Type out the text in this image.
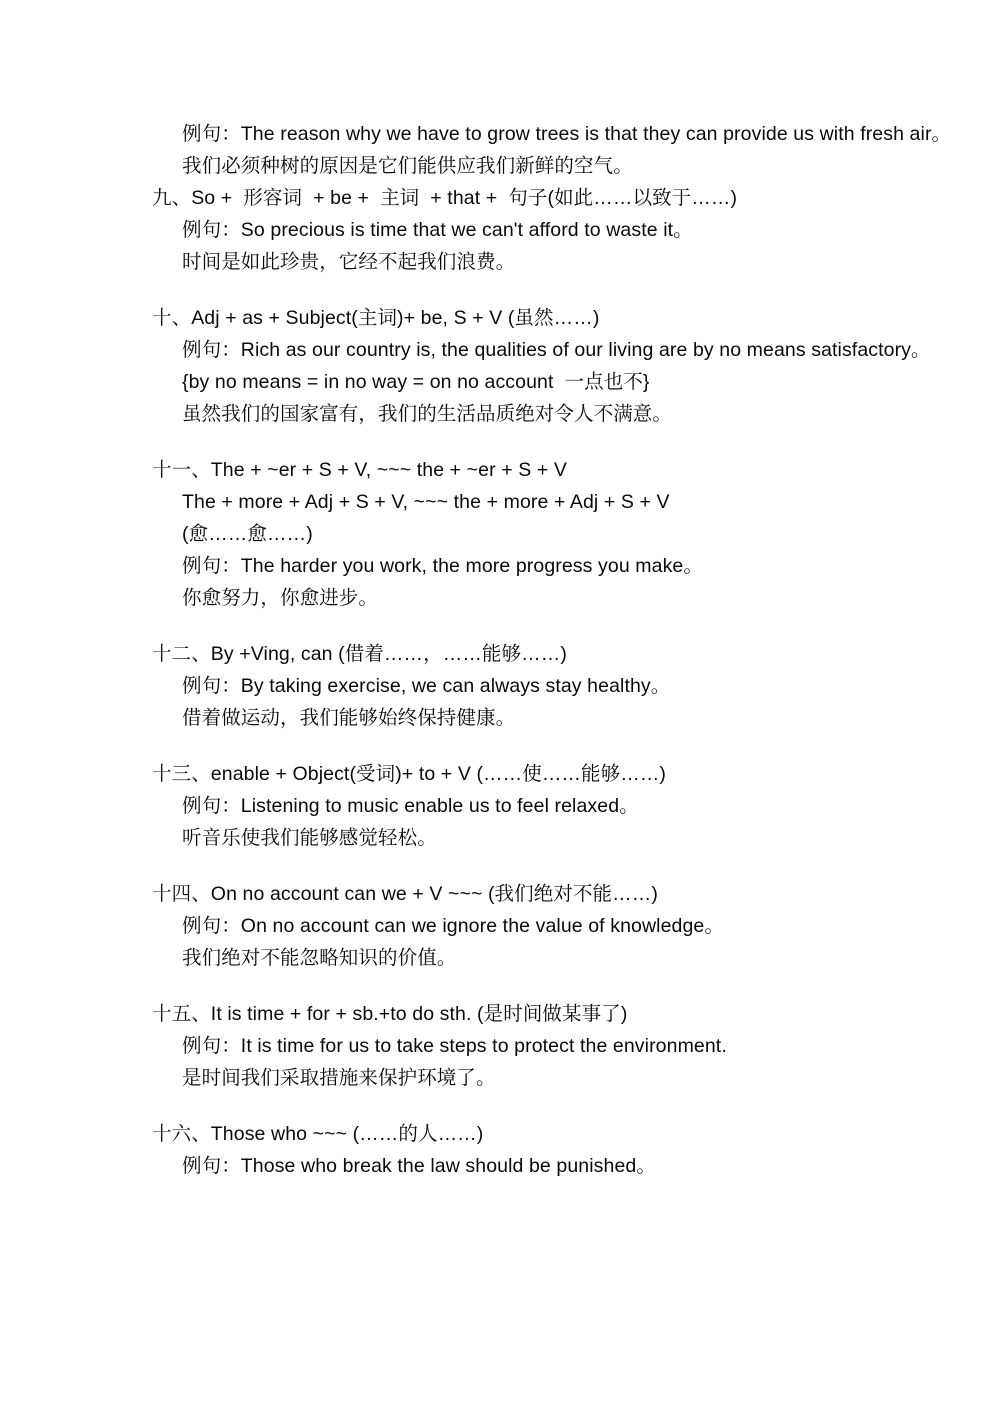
例句：The reason why we have to grow trees is that they can provide us with fresh air。
我们必须种树的原因是它们能供应我们新鲜的空气。
九、So +  形容词  + be +  主词  + that +  句子(如此……以致于……)
例句：So precious is time that we can't afford to waste it。
时间是如此珍贵，它经不起我们浪费。
十、Adj + as + Subject(主词)+ be, S + V (虽然……)
例句：Rich as our country is, the qualities of our living are by no means satisfactory。
{by no means = in no way = on no account  一点也不}
虽然我们的国家富有，我们的生活品质绝对令人不满意。
十一、The + ~er + S + V, ~~~ the + ~er + S + V
The + more + Adj + S + V, ~~~ the + more + Adj + S + V
(愈……愈……)
例句：The harder you work, the more progress you make。
你愈努力，你愈进步。
十二、By +Ving, can (借着……，……能够……)
例句：By taking exercise, we can always stay healthy。
借着做运动，我们能够始终保持健康。
十三、enable + Object(受词)+ to + V (……使……能够……)
例句：Listening to music enable us to feel relaxed。
听音乐使我们能够感觉轻松。
十四、On no account can we + V ~~~ (我们绝对不能……)
例句：On no account can we ignore the value of knowledge。
我们绝对不能忽略知识的价值。
十五、It is time + for + sb.+to do sth. (是时间做某事了)
例句：It is time for us to take steps to protect the environment.
是时间我们采取措施来保护环境了。
十六、Those who ~~~ (……的人……)
例句：Those who break the law should be punished。
